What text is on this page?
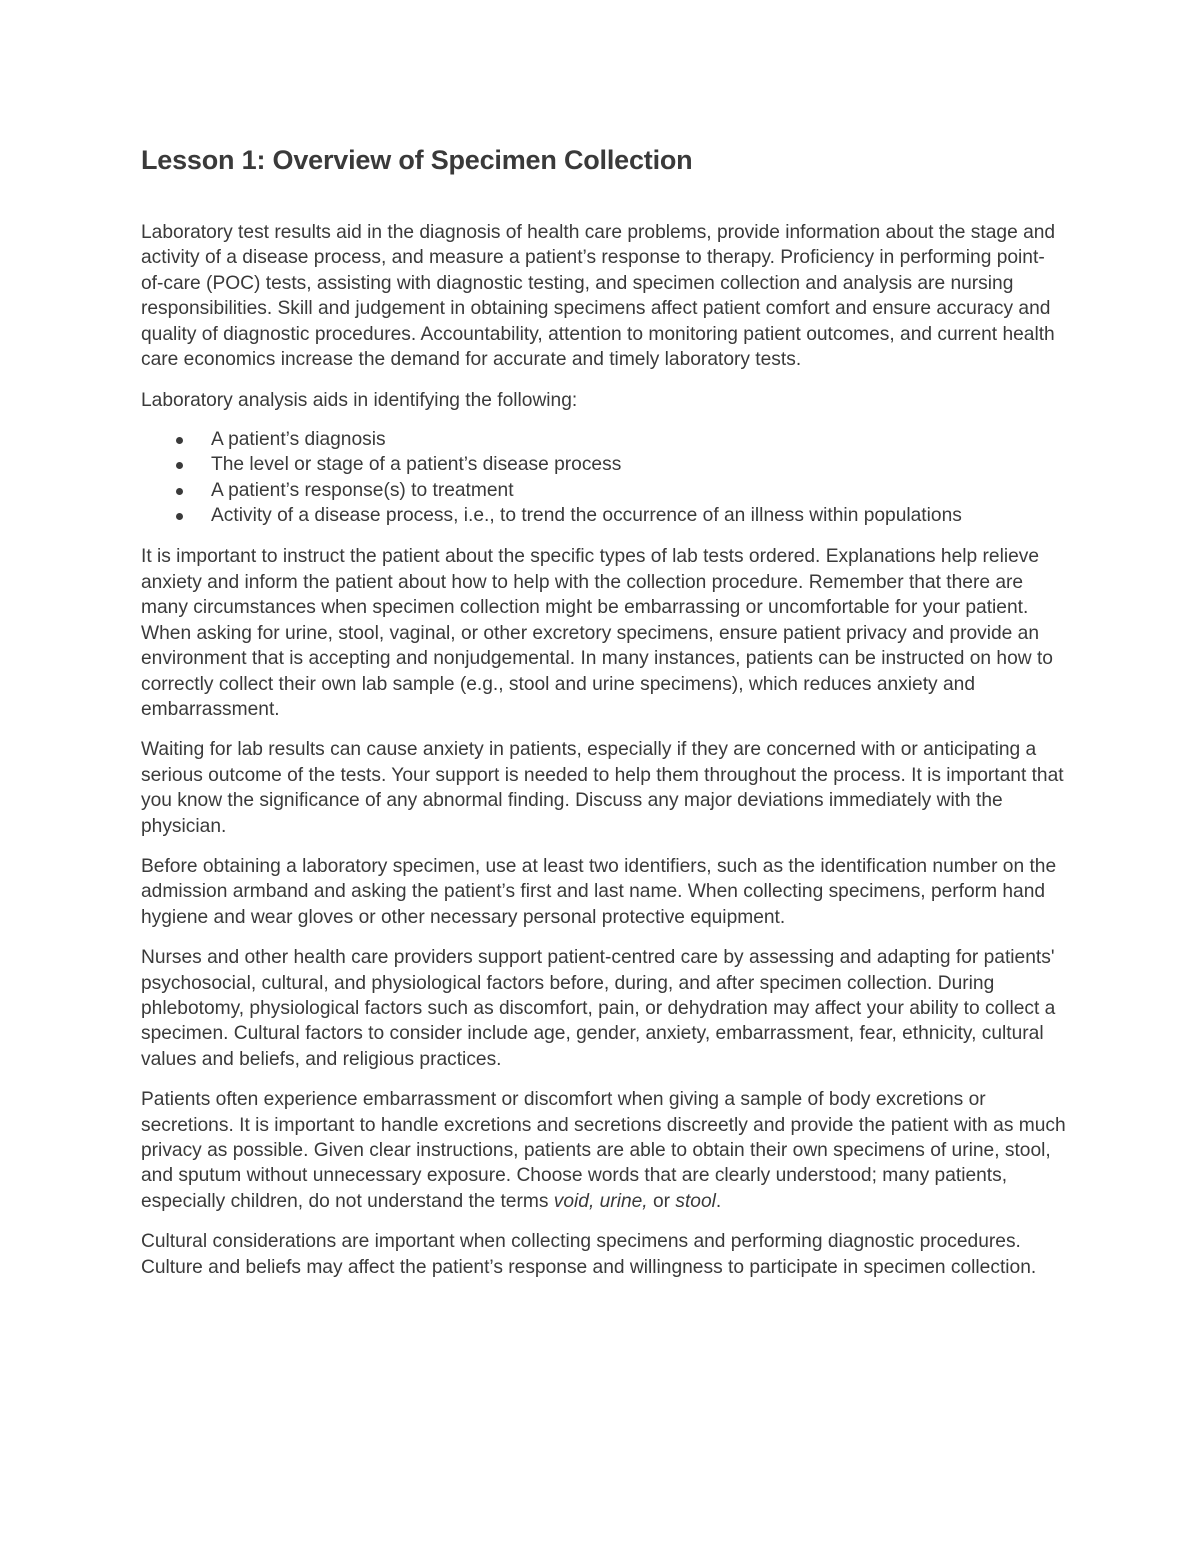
Lesson 1: Overview of Specimen Collection

Laboratory test results aid in the diagnosis of health care problems, provide information about the stage and activity of a disease process, and measure a patient’s response to therapy. Proficiency in performing point-of-care (POC) tests, assisting with diagnostic testing, and specimen collection and analysis are nursing responsibilities. Skill and judgement in obtaining specimens affect patient comfort and ensure accuracy and quality of diagnostic procedures. Accountability, attention to monitoring patient outcomes, and current health care economics increase the demand for accurate and timely laboratory tests.

Laboratory analysis aids in identifying the following:

A patient’s diagnosis
The level or stage of a patient’s disease process
A patient’s response(s) to treatment
Activity of a disease process, i.e., to trend the occurrence of an illness within populations

It is important to instruct the patient about the specific types of lab tests ordered. Explanations help relieve anxiety and inform the patient about how to help with the collection procedure. Remember that there are many circumstances when specimen collection might be embarrassing or uncomfortable for your patient. When asking for urine, stool, vaginal, or other excretory specimens, ensure patient privacy and provide an environment that is accepting and nonjudgemental. In many instances, patients can be instructed on how to correctly collect their own lab sample (e.g., stool and urine specimens), which reduces anxiety and embarrassment.

Waiting for lab results can cause anxiety in patients, especially if they are concerned with or anticipating a serious outcome of the tests. Your support is needed to help them throughout the process. It is important that you know the significance of any abnormal finding. Discuss any major deviations immediately with the physician.

Before obtaining a laboratory specimen, use at least two identifiers, such as the identification number on the admission armband and asking the patient’s first and last name. When collecting specimens, perform hand hygiene and wear gloves or other necessary personal protective equipment.

Nurses and other health care providers support patient-centred care by assessing and adapting for patients' psychosocial, cultural, and physiological factors before, during, and after specimen collection. During phlebotomy, physiological factors such as discomfort, pain, or dehydration may affect your ability to collect a specimen. Cultural factors to consider include age, gender, anxiety, embarrassment, fear, ethnicity, cultural values and beliefs, and religious practices.

Patients often experience embarrassment or discomfort when giving a sample of body excretions or secretions. It is important to handle excretions and secretions discreetly and provide the patient with as much privacy as possible. Given clear instructions, patients are able to obtain their own specimens of urine, stool, and sputum without unnecessary exposure. Choose words that are clearly understood; many patients, especially children, do not understand the terms void, urine, or stool.

Cultural considerations are important when collecting specimens and performing diagnostic procedures. Culture and beliefs may affect the patient’s response and willingness to participate in specimen collection.
